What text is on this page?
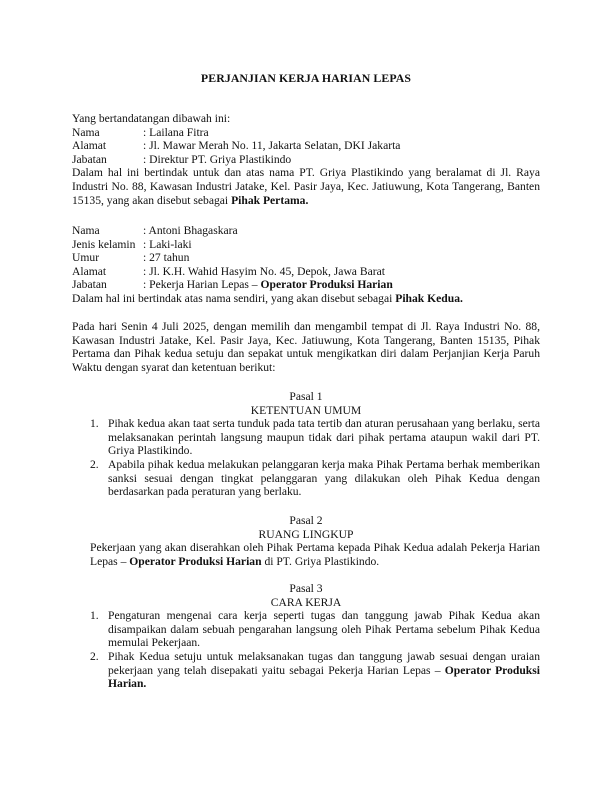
PERJANJIAN KERJA HARIAN LEPAS
Yang bertandatangan dibawah ini:
Nama	: Lailana Fitra
Alamat	: Jl. Mawar Merah No. 11, Jakarta Selatan, DKI Jakarta
Jabatan	: Direktur PT. Griya Plastikindo
Dalam hal ini bertindak untuk dan atas nama PT. Griya Plastikindo yang beralamat di Jl. Raya Industri No. 88, Kawasan Industri Jatake, Kel. Pasir Jaya, Kec. Jatiuwung, Kota Tangerang, Banten 15135, yang akan disebut sebagai Pihak Pertama.
Nama	: Antoni Bhagaskara
Jenis kelamin : Laki-laki
Umur	: 27 tahun
Alamat	: Jl. K.H. Wahid Hasyim No. 45, Depok, Jawa Barat
Jabatan	: Pekerja Harian Lepas – Operator Produksi Harian
Dalam hal ini bertindak atas nama sendiri, yang akan disebut sebagai Pihak Kedua.
Pada hari Senin 4 Juli 2025, dengan memilih dan mengambil tempat di Jl. Raya Industri No. 88, Kawasan Industri Jatake, Kel. Pasir Jaya, Kec. Jatiuwung, Kota Tangerang, Banten 15135, Pihak Pertama dan Pihak kedua setuju dan sepakat untuk mengikatkan diri dalam Perjanjian Kerja Paruh Waktu dengan syarat dan ketentuan berikut:
Pasal 1
KETENTUAN UMUM
1. Pihak kedua akan taat serta tunduk pada tata tertib dan aturan perusahaan yang berlaku, serta melaksanakan perintah langsung maupun tidak dari pihak pertama ataupun wakil dari PT. Griya Plastikindo.
2. Apabila pihak kedua melakukan pelanggaran kerja maka Pihak Pertama berhak memberikan sanksi sesuai dengan tingkat pelanggaran yang dilakukan oleh Pihak Kedua dengan berdasarkan pada peraturan yang berlaku.
Pasal 2
RUANG LINGKUP
Pekerjaan yang akan diserahkan oleh Pihak Pertama kepada Pihak Kedua adalah Pekerja Harian Lepas – Operator Produksi Harian di PT. Griya Plastikindo.
Pasal 3
CARA KERJA
1. Pengaturan mengenai cara kerja seperti tugas dan tanggung jawab Pihak Kedua akan disampaikan dalam sebuah pengarahan langsung oleh Pihak Pertama sebelum Pihak Kedua memulai Pekerjaan.
2. Pihak Kedua setuju untuk melaksanakan tugas dan tanggung jawab sesuai dengan uraian pekerjaan yang telah disepakati yaitu sebagai Pekerja Harian Lepas – Operator Produksi Harian.
